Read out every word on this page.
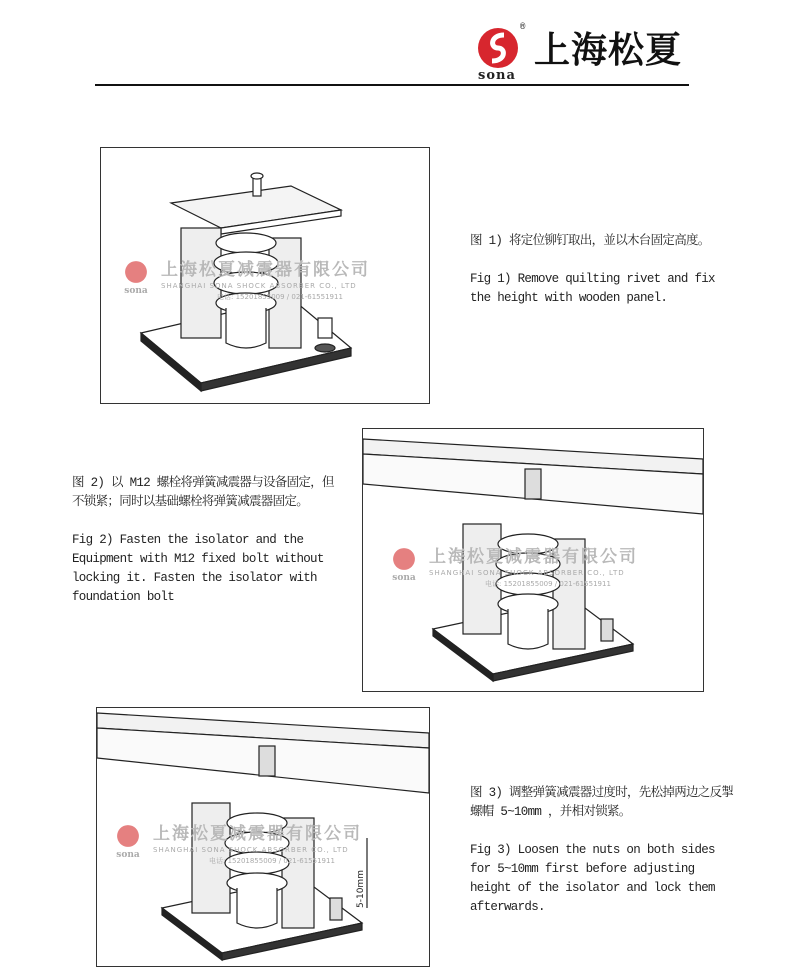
®
sona
上海松夏
sona
上海松夏减震器有限公司
SHANGHAI SONA SHOCK ABSORBER CO., LTD
电话: 15201855009 / 021-61551911

图 1) 将定位铆钉取出，並以木台固定高度。

Fig 1) Remove quilting rivet and fix the height with wooden panel.

sona
上海松夏减震器有限公司
SHANGHAI SONA SHOCK ABSORBER CO., LTD
电话: 15201855009 / 021-61551911

图 2) 以 M12 螺栓将弹簧减震器与设备固定，但不锁紧；同时以基础螺栓将弹簧减震器固定。

Fig 2) Fasten the isolator and the Equipment with M12 fixed bolt without locking it. Fasten the isolator with foundation bolt

5-10mm
sona
上海松夏减震器有限公司
SHANGHAI SONA SHOCK ABSORBER CO., LTD
电话: 15201855009 / 021-61551911

图 3) 调整弹簧减震器过度时，先松掉两边之反掣螺帽 5~10mm ，并相对锁紧。

Fig 3) Loosen the nuts on both sides for 5~10mm first before adjusting height of the isolator and lock them afterwards.
